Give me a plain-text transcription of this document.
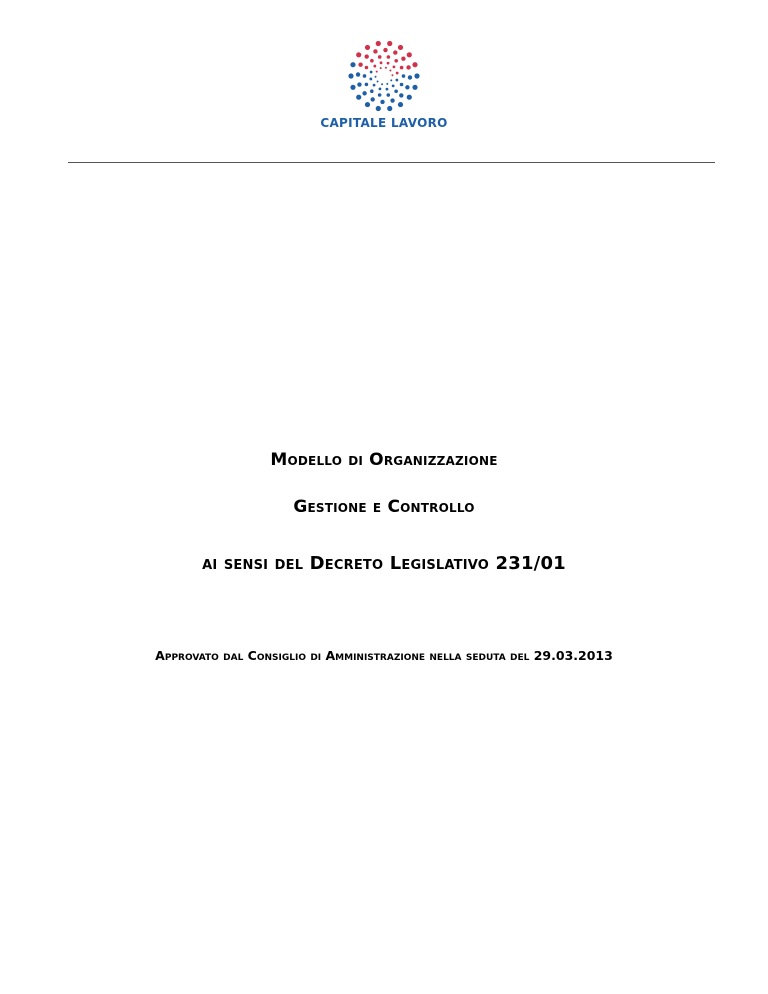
CAPITALE LAVORO
Modello di Organizzazione
Gestione e Controllo
ai sensi del Decreto Legislativo 231/01
Approvato dal Consiglio di Amministrazione nella seduta del 29.03.2013
